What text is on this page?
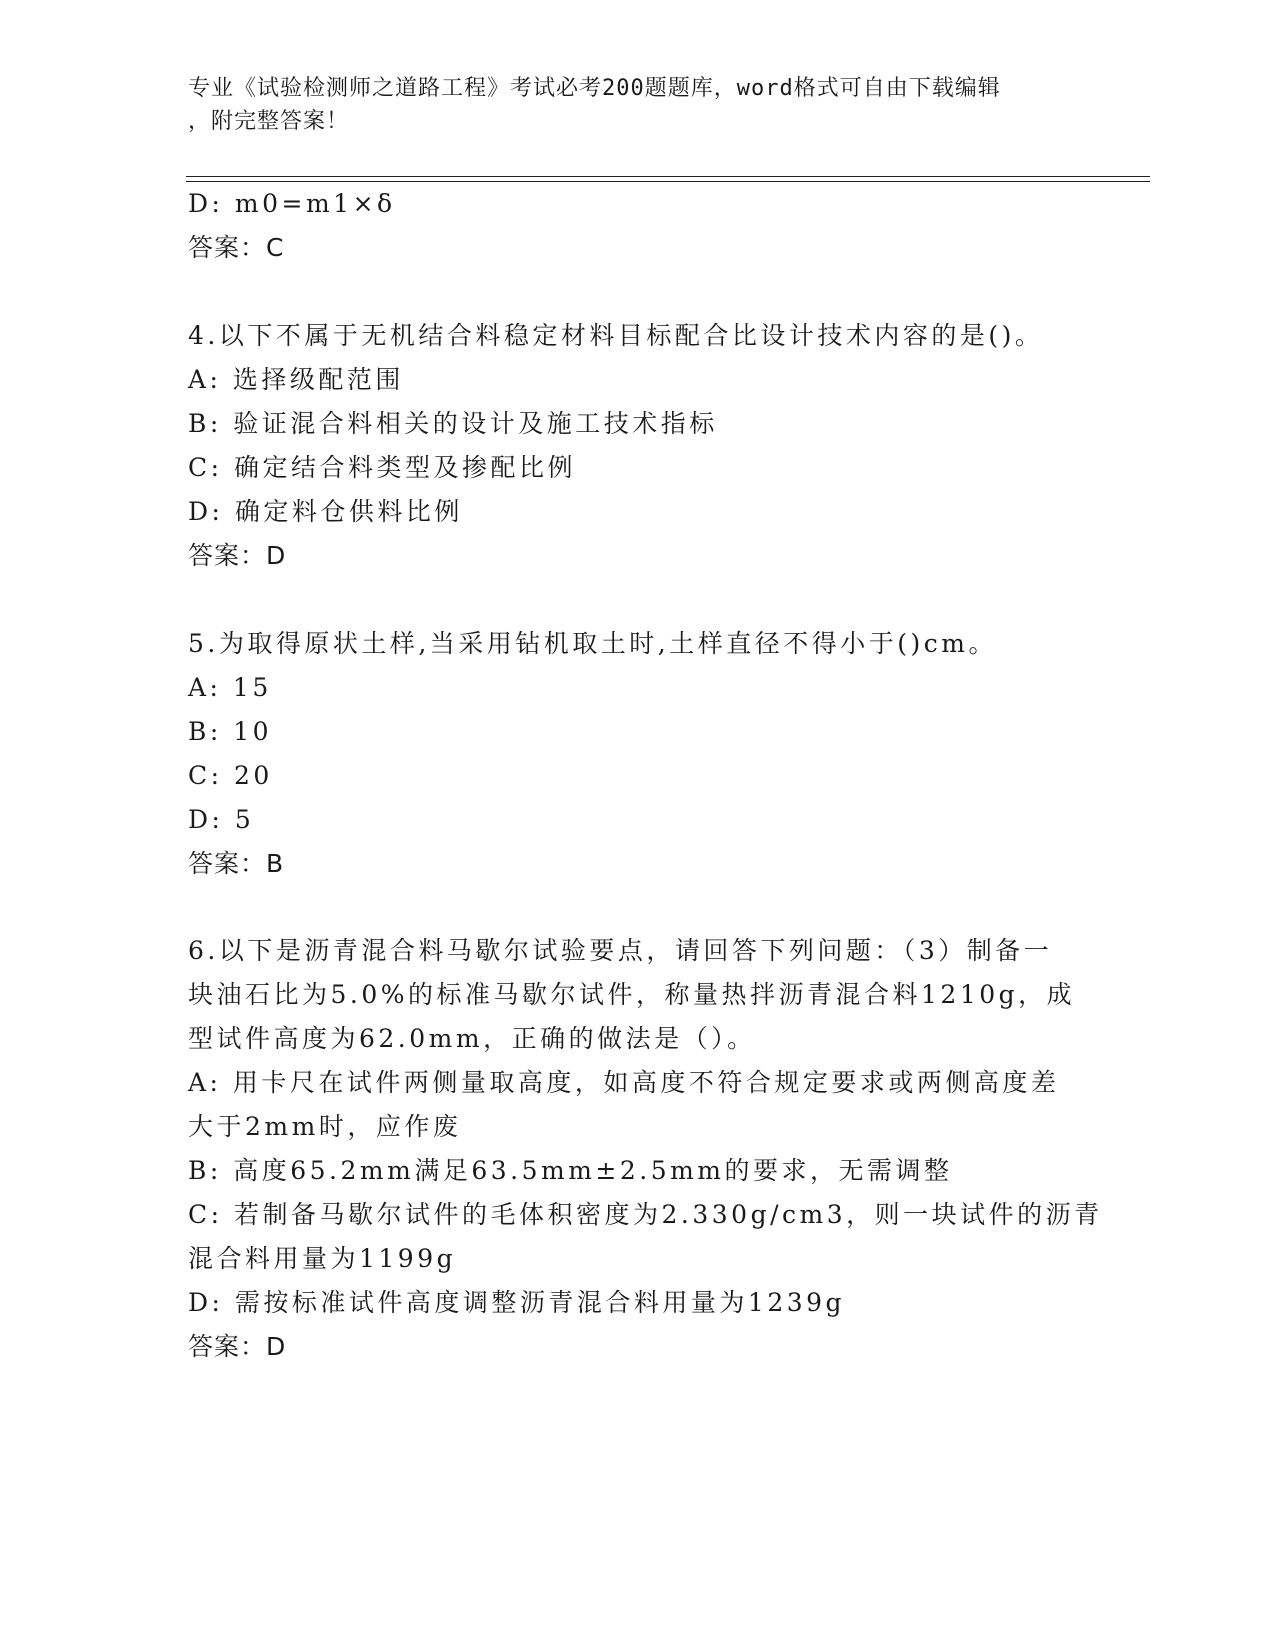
专业《试验检测师之道路工程》考试必考200题题库，word格式可自由下载编辑
，附完整答案！
D: m0=m1×δ
答案：C
4.以下不属于无机结合料稳定材料目标配合比设计技术内容的是()。
A: 选择级配范围
B: 验证混合料相关的设计及施工技术指标
C: 确定结合料类型及掺配比例
D: 确定料仓供料比例
答案：D
5.为取得原状土样,当采用钻机取土时,土样直径不得小于()cm。
A: 15
B: 10
C: 20
D: 5
答案：B
6.以下是沥青混合料马歇尔试验要点，请回答下列问题：（3）制备一
块油石比为5.0%的标准马歇尔试件，称量热拌沥青混合料1210g，成
型试件高度为62.0mm，正确的做法是（）。
A: 用卡尺在试件两侧量取高度，如高度不符合规定要求或两侧高度差
大于2mm时，应作废
B: 高度65.2mm满足63.5mm±2.5mm的要求，无需调整
C: 若制备马歇尔试件的毛体积密度为2.330g/cm3，则一块试件的沥青
混合料用量为1199g
D: 需按标准试件高度调整沥青混合料用量为1239g
答案：D
